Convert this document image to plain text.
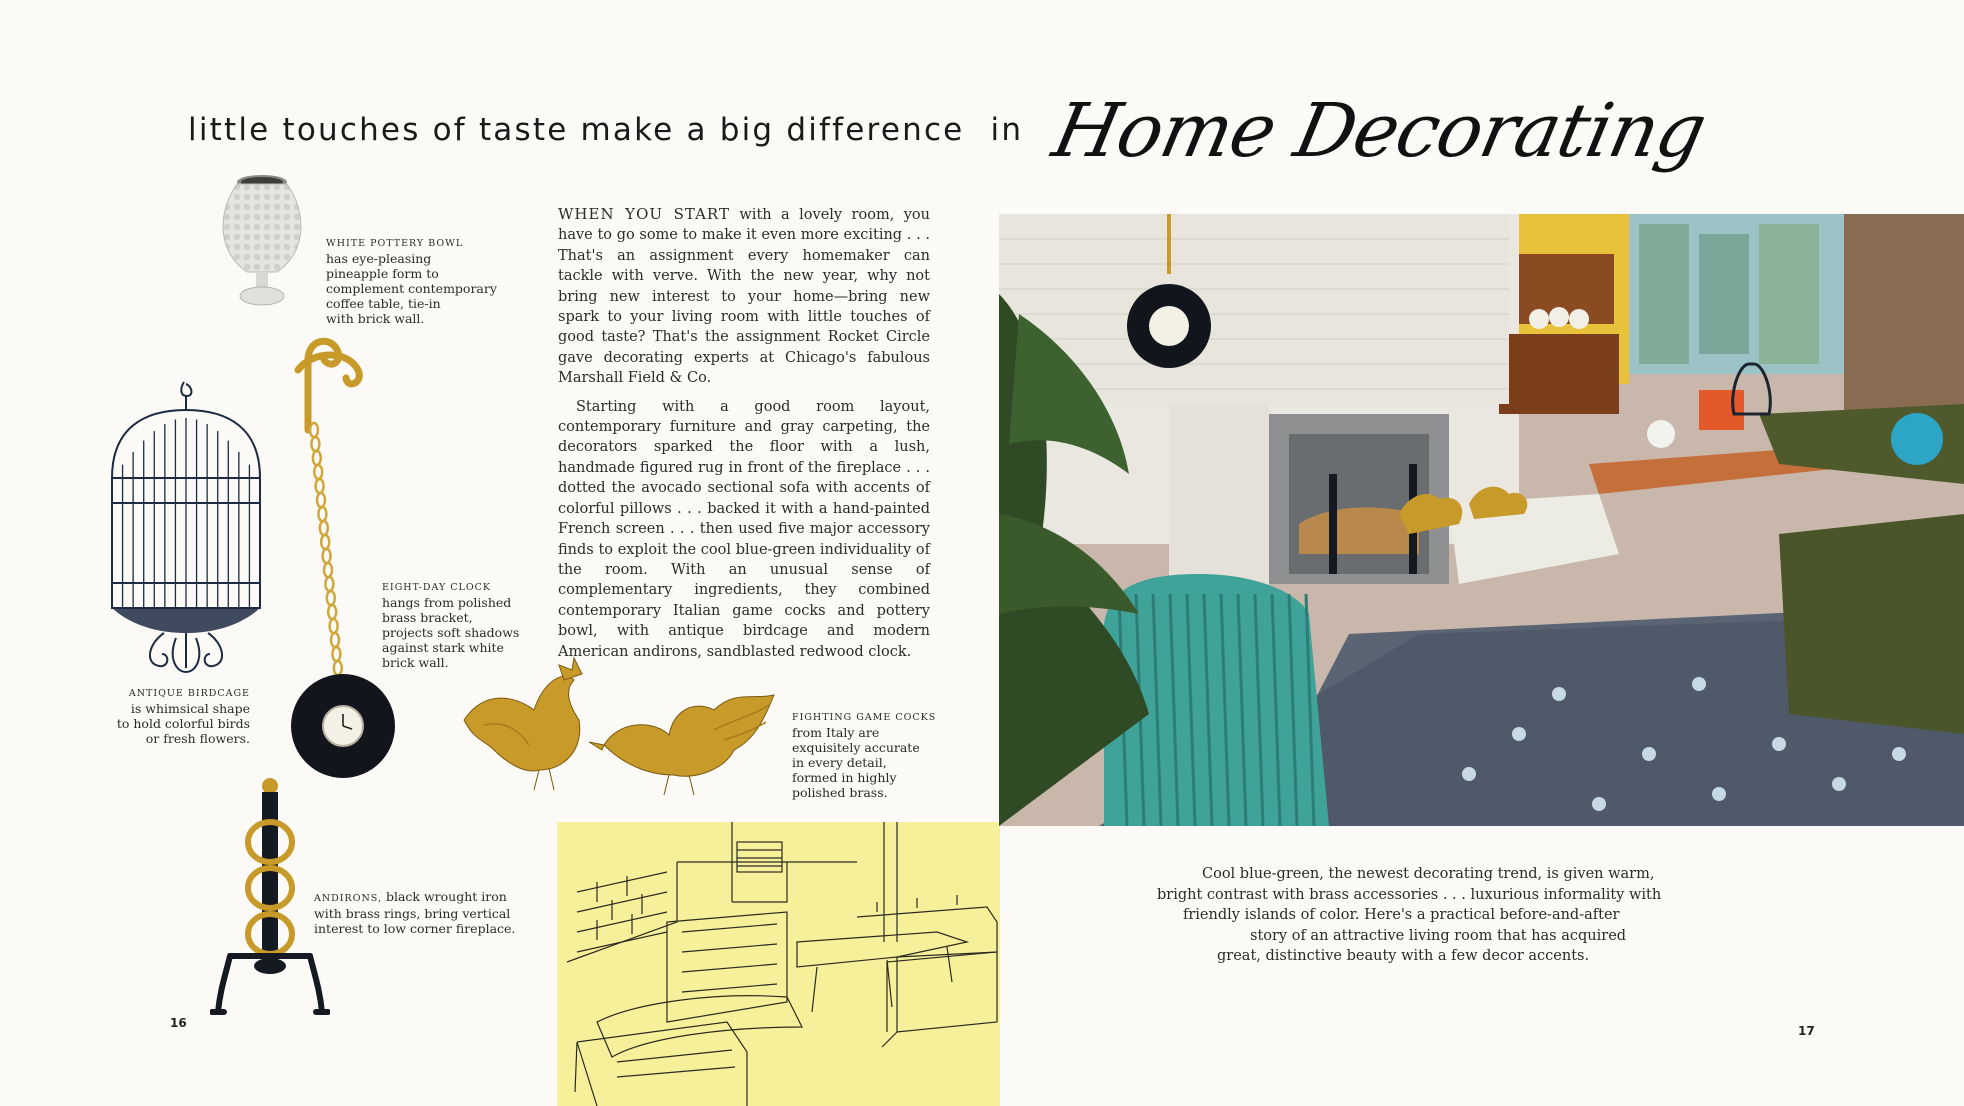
little touches of taste make a big difference in Home Decorating
WHITE POTTERY BOWL
has eye-pleasing
pineapple form to
complement contemporary
coffee table, tie-in
with brick wall.
ANTIQUE BIRDCAGE
is whimsical shape
to hold colorful birds
or fresh flowers.
EIGHT-DAY CLOCK
hangs from polished
brass bracket,
projects soft shadows
against stark white
brick wall.
FIGHTING GAME COCKS
from Italy are
exquisitely accurate
in every detail,
formed in highly
polished brass.
ANDIRONS, black wrought iron
with brass rings, bring vertical
interest to low corner fireplace.
16

WHEN YOU START with a lovely room, you have to go some to make it even more exciting . . . That's an assignment every homemaker can tackle with verve. With the new year, why not bring new interest to your home—bring new spark to your living room with little touches of good taste? That's the assignment Rocket Circle gave decorating experts at Chicago's fabulous Marshall Field & Co.

Starting with a good room layout, contemporary furniture and gray carpeting, the decorators sparked the floor with a lush, handmade figured rug in front of the fireplace . . . dotted the avocado sectional sofa with accents of colorful pillows . . . backed it with a hand-painted French screen . . . then used five major accessory finds to exploit the cool blue-green individuality of the room. With an unusual sense of complementary ingredients, they combined contemporary Italian game cocks and pottery bowl, with antique birdcage and modern American andirons, sandblasted redwood clock.

Cool blue-green, the newest decorating trend, is given warm,
bright contrast with brass accessories . . . luxurious informality with
friendly islands of color. Here's a practical before-and-after
story of an attractive living room that has acquired
great, distinctive beauty with a few decor accents.
17
